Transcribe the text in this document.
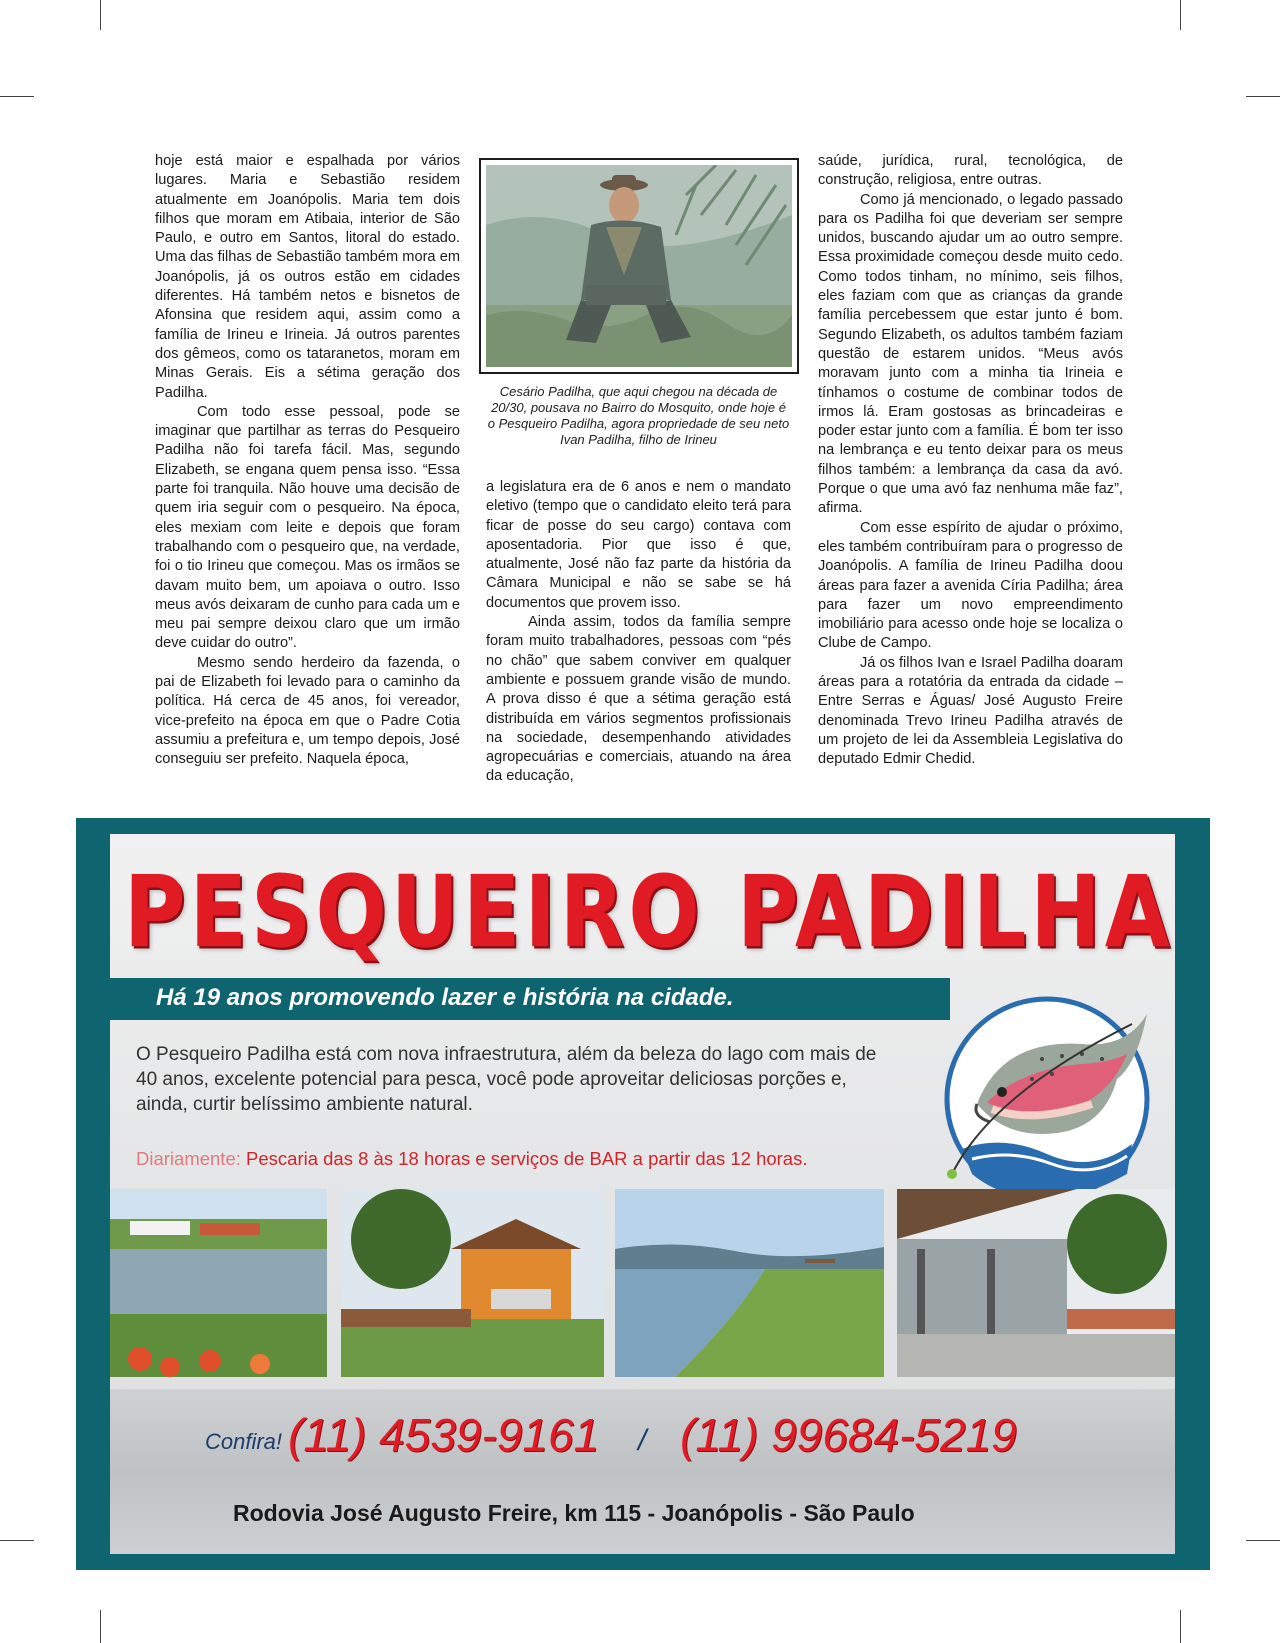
hoje está maior e espalhada por vários lugares. Maria e Sebastião residem atualmente em Joanópolis. Maria tem dois filhos que moram em Atibaia, interior de São Paulo, e outro em Santos, litoral do estado. Uma das filhas de Sebastião também mora em Joanópolis, já os outros estão em cidades diferentes. Há também netos e bisnetos de Afonsina que residem aqui, assim como a família de Irineu e Irineia. Já outros parentes dos gêmeos, como os tataranetos, moram em Minas Gerais. Eis a sétima geração dos Padilha.

Com todo esse pessoal, pode se imaginar que partilhar as terras do Pesqueiro Padilha não foi tarefa fácil. Mas, segundo Elizabeth, se engana quem pensa isso. “Essa parte foi tranquila. Não houve uma decisão de quem iria seguir com o pesqueiro. Na época, eles mexiam com leite e depois que foram trabalhando com o pesqueiro que, na verdade, foi o tio Irineu que começou. Mas os irmãos se davam muito bem, um apoiava o outro. Isso meus avós deixaram de cunho para cada um e meu pai sempre deixou claro que um irmão deve cuidar do outro”.

Mesmo sendo herdeiro da fazenda, o pai de Elizabeth foi levado para o caminho da política. Há cerca de 45 anos, foi vereador, vice-prefeito na época em que o Padre Cotia assumiu a prefeitura e, um tempo depois, José conseguiu ser prefeito. Naquela época,

Cesário Padilha, que aqui chegou na década de 20/30, pousava no Bairro do Mosquito, onde hoje é o Pesqueiro Padilha, agora propriedade de seu neto Ivan Padilha, filho de Irineu

a legislatura era de 6 anos e nem o mandato eletivo (tempo que o candidato eleito terá para ficar de posse do seu cargo) contava com aposentadoria. Pior que isso é que, atualmente, José não faz parte da história da Câmara Municipal e não se sabe se há documentos que provem isso.

Ainda assim, todos da família sempre foram muito trabalhadores, pessoas com “pés no chão” que sabem conviver em qualquer ambiente e possuem grande visão de mundo. A prova disso é que a sétima geração está distribuída em vários segmentos profissionais na sociedade, desempenhando atividades agropecuárias e comerciais, atuando na área da educação,

saúde, jurídica, rural, tecnológica, de construção, religiosa, entre outras.

Como já mencionado, o legado passado para os Padilha foi que deveriam ser sempre unidos, buscando ajudar um ao outro sempre. Essa proximidade começou desde muito cedo. Como todos tinham, no mínimo, seis filhos, eles faziam com que as crianças da grande família percebessem que estar junto é bom. Segundo Elizabeth, os adultos também faziam questão de estarem unidos. “Meus avós moravam junto com a minha tia Irineia e tínhamos o costume de combinar todos de irmos lá. Eram gostosas as brincadeiras e poder estar junto com a família. É bom ter isso na lembrança e eu tento deixar para os meus filhos também: a lembrança da casa da avó. Porque o que uma avó faz nenhuma mãe faz”, afirma.

Com esse espírito de ajudar o próximo, eles também contribuíram para o progresso de Joanópolis. A família de Irineu Padilha doou áreas para fazer a avenida Círia Padilha; área para fazer um novo empreendimento imobiliário para acesso onde hoje se localiza o Clube de Campo.

Já os filhos Ivan e Israel Padilha doaram áreas para a rotatória da entrada da cidade – Entre Serras e Águas/ José Augusto Freire denominada Trevo Irineu Padilha através de um projeto de lei da Assembleia Legislativa do deputado Edmir Chedid.

PESQUEIRO PADILHA
Há 19 anos promovendo lazer e história na cidade.
O Pesqueiro Padilha está com nova infraestrutura, além da beleza do lago com mais de 40 anos, excelente potencial para pesca, você pode aproveitar deliciosas porções e, ainda, curtir belíssimo ambiente natural.
Diariamente: Pescaria das 8 às 18 horas e serviços de BAR a partir das 12 horas.
Confira! (11) 4539-9161 / (11) 99684-5219
Rodovia José Augusto Freire, km 115 - Joanópolis - São Paulo
